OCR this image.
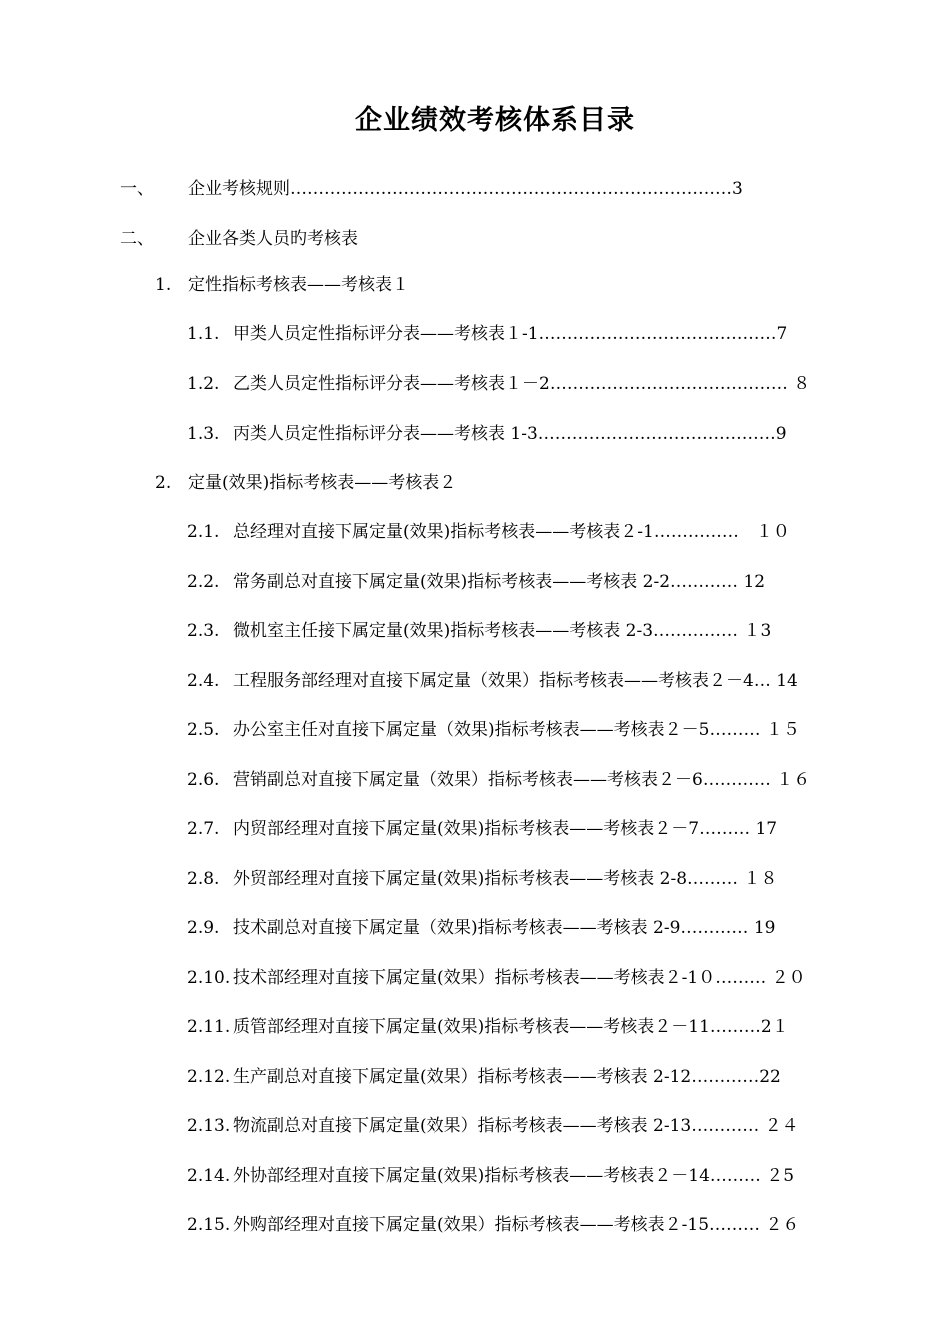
企业绩效考核体系目录
一、 企业考核规则……………………………………………………………………3
二、 企业各类人员旳考核表
1. 定性指标考核表——考核表１
1.1. 甲类人员定性指标评分表——考核表１-1……………………………………7
1.2. 乙类人员定性指标评分表——考核表１－2…………………………………… ８
1.3. 丙类人员定性指标评分表——考核表 1-3……………………………………9
2. 定量(效果)指标考核表——考核表２
2.1. 总经理对直接下属定量(效果)指标考核表——考核表２-1……………　１０
2.2. 常务副总对直接下属定量(效果)指标考核表——考核表 2-2………… 12
2.3. 微机室主任接下属定量(效果)指标考核表——考核表 2-3…………… １3
2.4. 工程服务部经理对直接下属定量（效果）指标考核表——考核表２－4… 14
2.5. 办公室主任对直接下属定量（效果)指标考核表——考核表２－5……… １５
2.6. 营销副总对直接下属定量（效果）指标考核表——考核表２－6………… １６
2.7. 内贸部经理对直接下属定量(效果)指标考核表——考核表２－7……… 17
2.8. 外贸部经理对直接下属定量(效果)指标考核表——考核表 2-8……… １８
2.9. 技术副总对直接下属定量（效果)指标考核表——考核表 2-9………… 19
2.10. 技术部经理对直接下属定量(效果）指标考核表——考核表２-1０……… ２０
2.11. 质管部经理对直接下属定量(效果)指标考核表——考核表２－11………2１
2.12. 生产副总对直接下属定量(效果）指标考核表——考核表 2-12…………22
2.13. 物流副总对直接下属定量(效果）指标考核表——考核表 2-13………… ２４
2.14. 外协部经理对直接下属定量(效果)指标考核表——考核表２－14……… ２5
2.15. 外购部经理对直接下属定量(效果）指标考核表——考核表２-15……… ２６
